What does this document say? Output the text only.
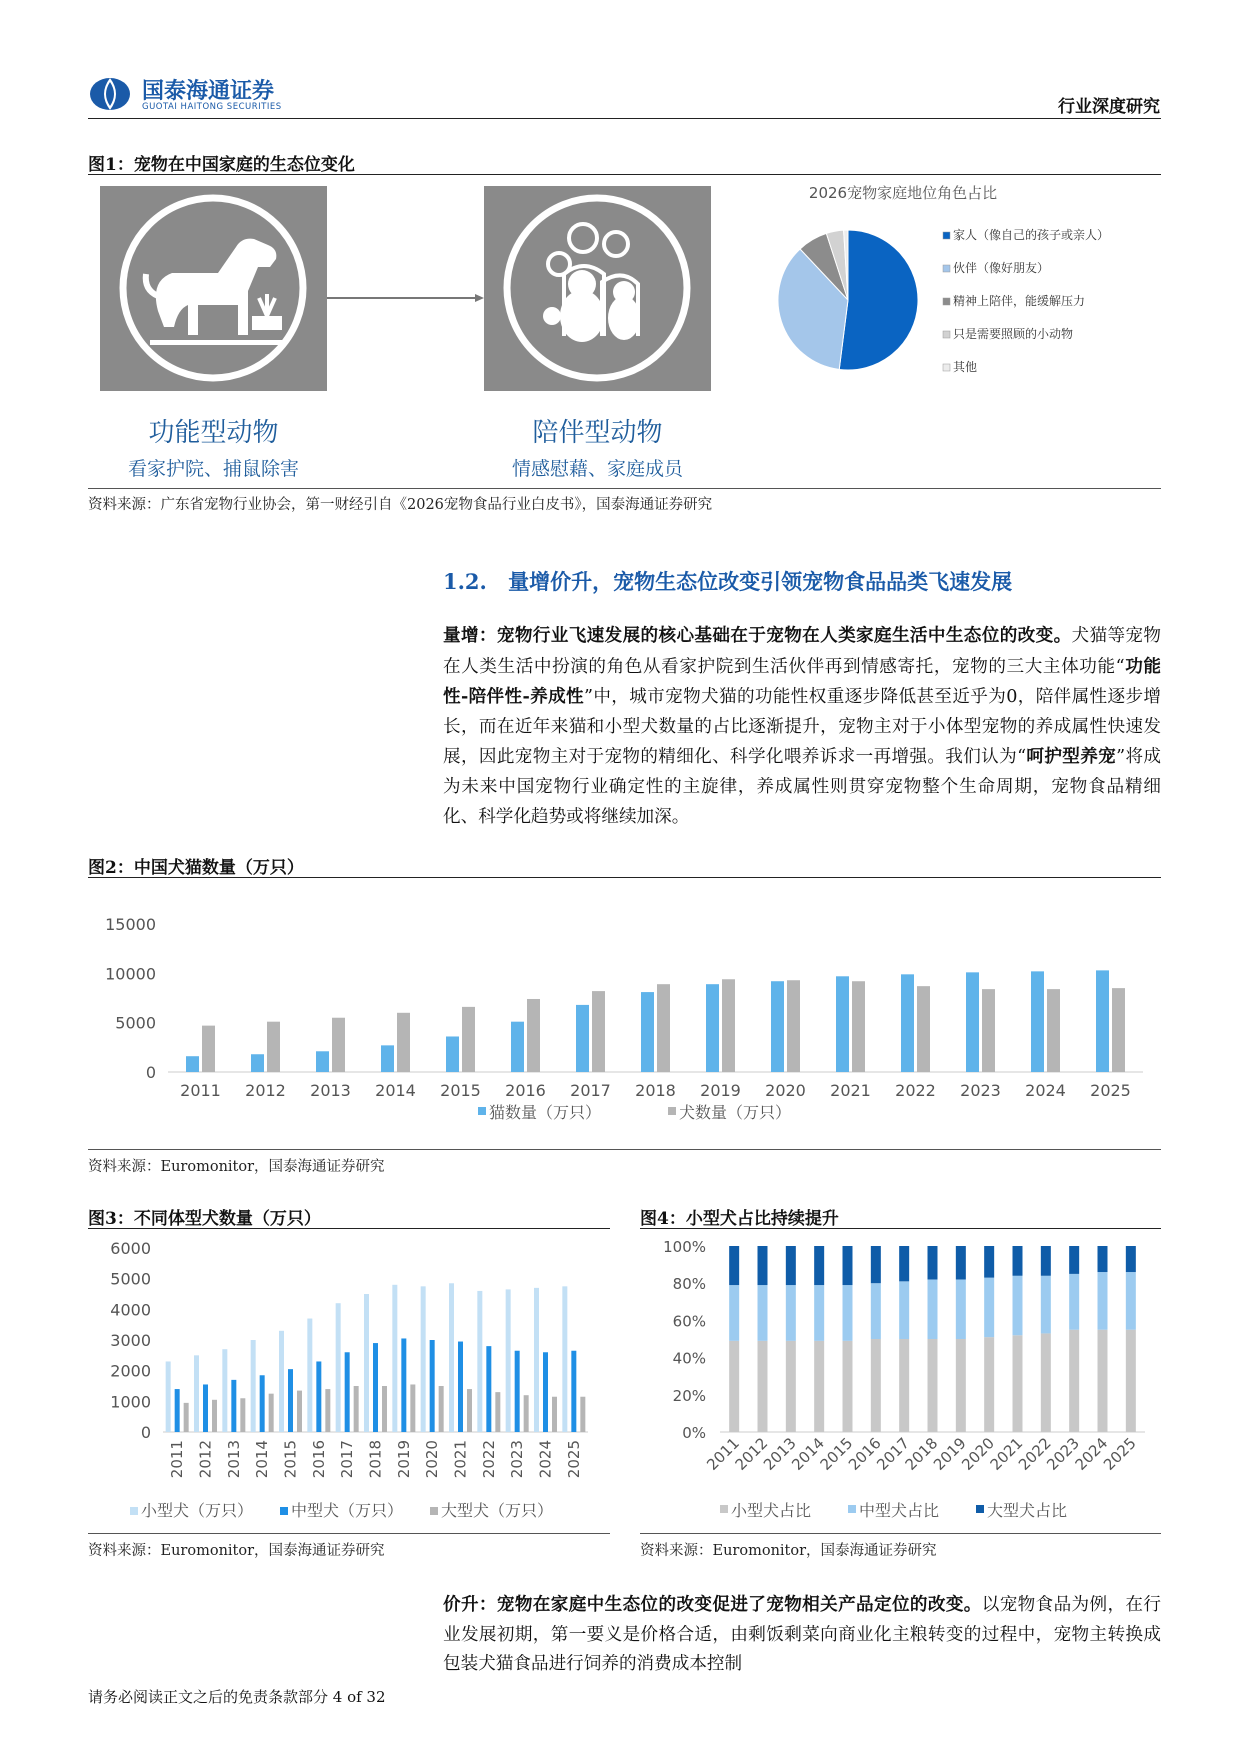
国泰海通证券
GUOTAI HAITONG SECURITIES	行业深度研究
图1：宠物在中国家庭的生态位变化
功能型动物
看家护院、捕鼠除害
陪伴型动物
情感慰藉、家庭成员
2026宠物家庭地位角色占比
家人（像自己的孩子或亲人）
伙伴（像好朋友）
精神上陪伴，能缓解压力
只是需要照顾的小动物
其他
资料来源：广东省宠物行业协会，第一财经引自《2026宠物食品行业白皮书》，国泰海通证券研究
1.2. 量增价升，宠物生态位改变引领宠物食品品类飞速发展

量增：宠物行业飞速发展的核心基础在于宠物在人类家庭生活中生态位的改变。犬猫等宠物在人类生活中扮演的角色从看家护院到生活伙伴再到情感寄托，宠物的三大主体功能“功能性-陪伴性-养成性”中，城市宠物犬猫的功能性权重逐步降低甚至近乎为0，陪伴属性逐步增长，而在近年来猫和小型犬数量的占比逐渐提升，宠物主对于小体型宠物的养成属性快速发展，因此宠物主对于宠物的精细化、科学化喂养诉求一再增强。我们认为“呵护型养宠”将成为未来中国宠物行业确定性的主旋律，养成属性则贯穿宠物整个生命周期，宠物食品精细化、科学化趋势或将继续加深。

图2：中国犬猫数量（万只）
0
5000
10000
15000
2011 2012 2013 2014 2015 2016 2017 2018 2019 2020 2021 2022 2023 2024 2025
猫数量（万只）	犬数量（万只）
资料来源：Euromonitor，国泰海通证券研究
图3：不同体型犬数量（万只）
0
1000
2000
3000
4000
5000
6000
2011 2012 2013 2014 2015 2016 2017 2018 2019 2020 2021 2022 2023 2024 2025
小型犬（万只） 中型犬（万只） 大型犬（万只）
资料来源：Euromonitor，国泰海通证券研究
图4：小型犬占比持续提升
0%
20%
40%
60%
80%
100%
2011
2012
2013
2014
2015
2016
2017
2018
2019
2020
2021
2022
2023
2024
2025
小型犬占比	中型犬占比	大型犬占比
资料来源：Euromonitor，国泰海通证券研究

价升：宠物在家庭中生态位的改变促进了宠物相关产品定位的改变。以宠物食品为例，在行业发展初期，第一要义是价格合适，由剩饭剩菜向商业化主粮转变的过程中，宠物主转换成包装犬猫食品进行饲养的消费成本控制

请务必阅读正文之后的免责条款部分 4 of 32
